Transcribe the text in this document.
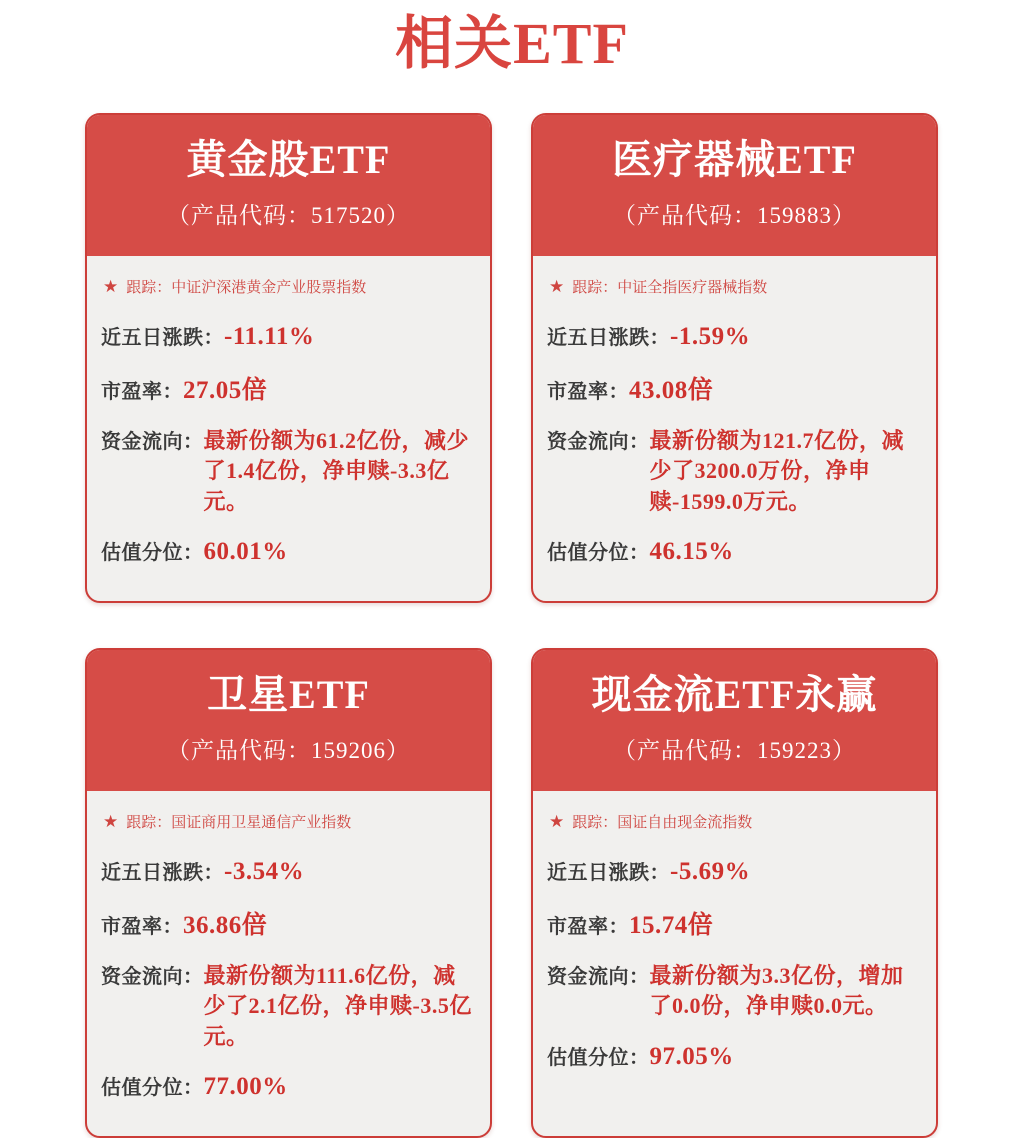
相关ETF
黄金股ETF
（产品代码：517520）
★ 跟踪： 中证沪深港黄金产业股票指数
近五日涨跌： -11.11%
市盈率： 27.05倍
资金流向： 最新份额为61.2亿份，减少了1.4亿份，净申赎-3.3亿元。
估值分位： 60.01%
医疗器械ETF
（产品代码：159883）
★ 跟踪： 中证全指医疗器械指数
近五日涨跌： -1.59%
市盈率： 43.08倍
资金流向： 最新份额为121.7亿份，减少了3200.0万份，净申赎-1599.0万元。
估值分位： 46.15%
卫星ETF
（产品代码：159206）
★ 跟踪： 国证商用卫星通信产业指数
近五日涨跌： -3.54%
市盈率： 36.86倍
资金流向： 最新份额为111.6亿份，减少了2.1亿份，净申赎-3.5亿元。
估值分位： 77.00%
现金流ETF永赢
（产品代码：159223）
★ 跟踪： 国证自由现金流指数
近五日涨跌： -5.69%
市盈率： 15.74倍
资金流向： 最新份额为3.3亿份，增加了0.0份，净申赎0.0元。
估值分位： 97.05%
